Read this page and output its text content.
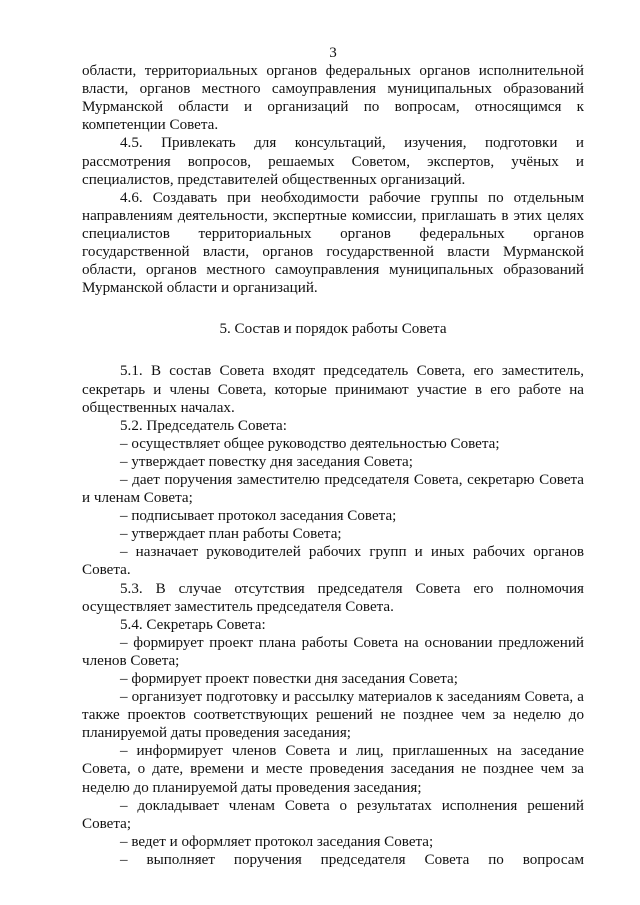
3

области, территориальных органов федеральных органов исполнительной власти, органов местного самоуправления муниципальных образований Мурманской области и организаций по вопросам, относящимся к компетенции Совета.

4.5. Привлекать для консультаций, изучения, подготовки и рассмотрения вопросов, решаемых Советом, экспертов, учёных и специалистов, представителей общественных организаций.

4.6. Создавать при необходимости рабочие группы по отдельным направлениям деятельности, экспертные комиссии, приглашать в этих целях специалистов территориальных органов федеральных органов государственной власти, органов государственной власти Мурманской области, органов местного самоуправления муниципальных образований Мурманской области и организаций.

5. Состав и порядок работы Совета

5.1. В состав Совета входят председатель Совета, его заместитель, секретарь и члены Совета, которые принимают участие в его работе на общественных началах.

5.2. Председатель Совета:

– осуществляет общее руководство деятельностью Совета;

– утверждает повестку дня заседания Совета;

– дает поручения заместителю председателя Совета, секретарю Совета и членам Совета;

– подписывает протокол заседания Совета;

– утверждает план работы Совета;

– назначает руководителей рабочих групп и иных рабочих органов Совета.

5.3. В случае отсутствия председателя Совета его полномочия осуществляет заместитель председателя Совета.

5.4. Секретарь Совета:

– формирует проект плана работы Совета на основании предложений членов Совета;

– формирует проект повестки дня заседания Совета;

– организует подготовку и рассылку материалов к заседаниям Совета, а также проектов соответствующих решений не позднее чем за неделю до планируемой даты проведения заседания;

– информирует членов Совета и лиц, приглашенных на заседание Совета, о дате, времени и месте проведения заседания не позднее чем за неделю до планируемой даты проведения заседания;

– докладывает членам Совета о результатах исполнения решений Совета;

– ведет и оформляет протокол заседания Совета;

– выполняет поручения председателя Совета по вопросам
